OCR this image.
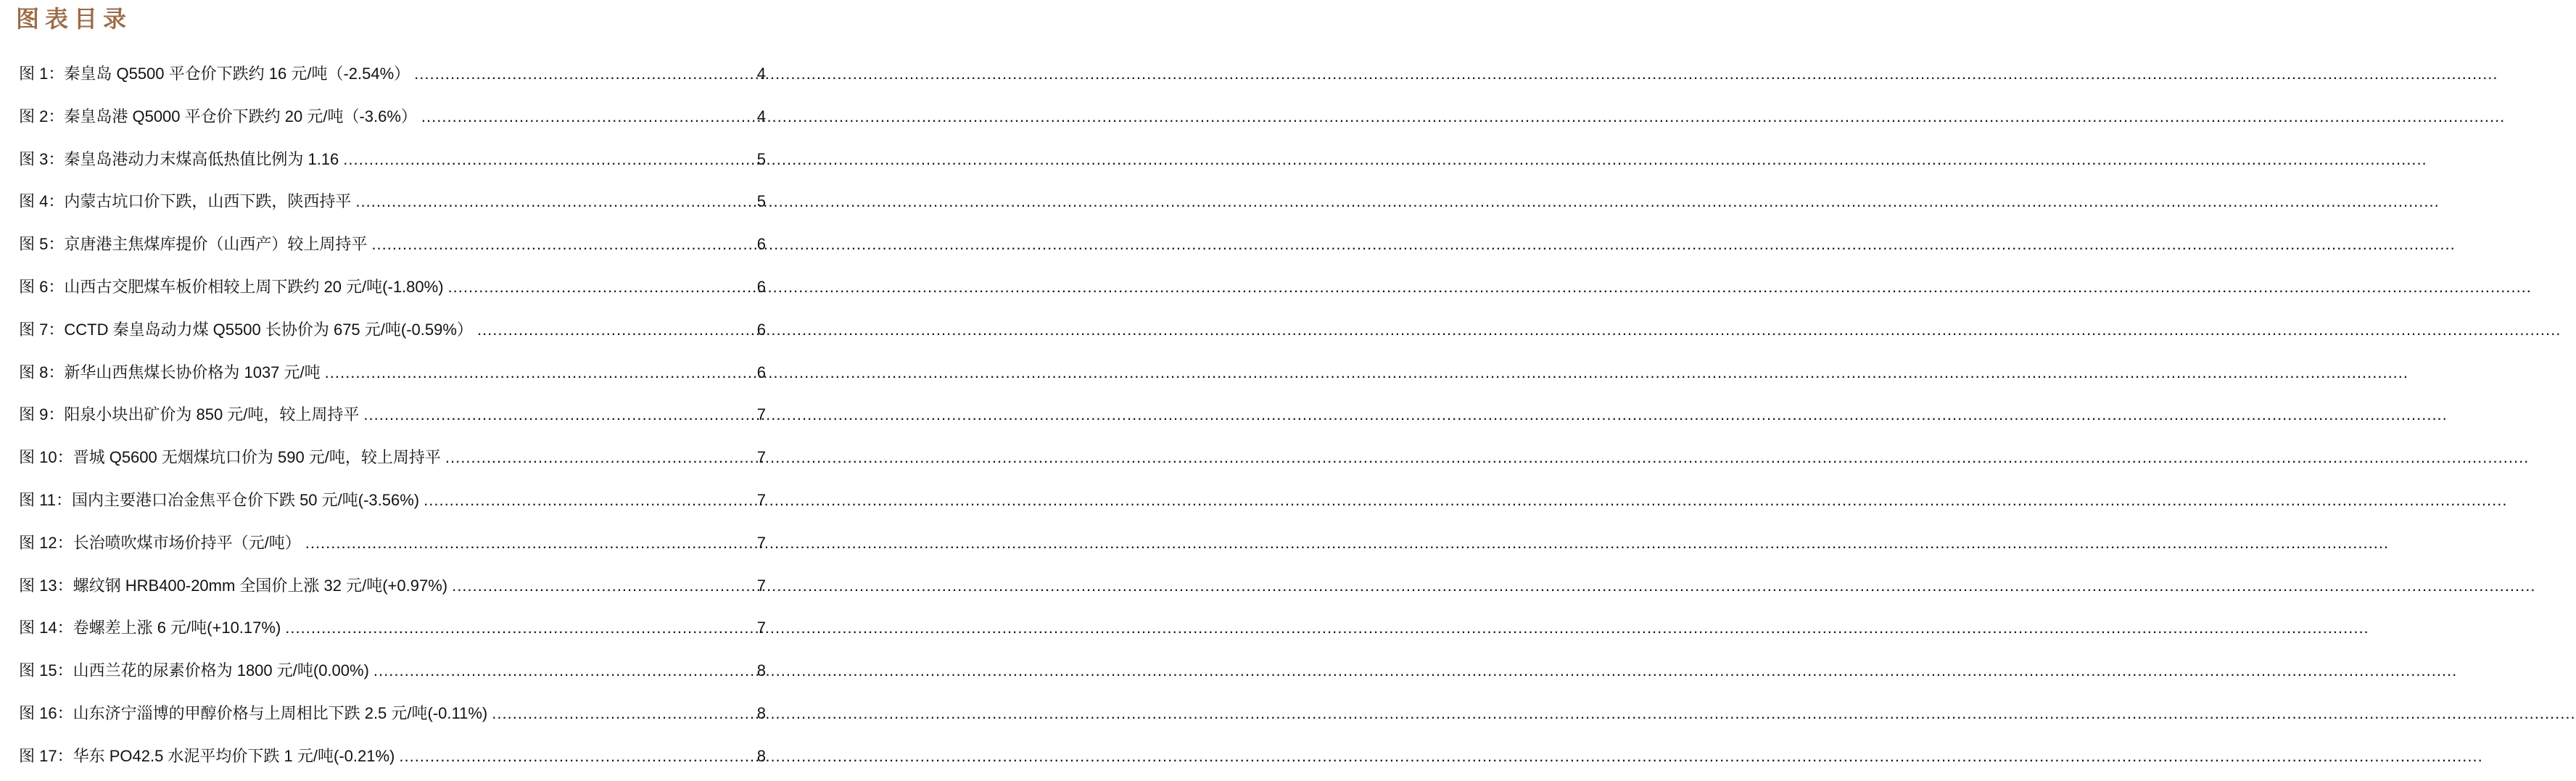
图表目录
图 1： 秦皇岛 Q5500 平仓价下跌约 16 元/吨（-2.54%） .....	4
图 2： 秦皇岛港 Q5000 平仓价下跌约 20 元/吨（-3.6%） .....	4
图 3： 秦皇岛港动力末煤高低热值比例为 1.16 .....	5
图 4： 内蒙古坑口价下跌，山西下跌，陕西持平 .....	5
图 5： 京唐港主焦煤库提价（山西产）较上周持平 .....	6
图 6： 山西古交肥煤车板价相较上周下跌约 20 元/吨(-1.80%) .....	6
图 7： CCTD 秦皇岛动力煤 Q5500 长协价为 675 元/吨(-0.59%） .....	6
图 8： 新华山西焦煤长协价格为 1037 元/吨 .....	6
图 9： 阳泉小块出矿价为 850 元/吨，较上周持平 .....	7
图 10： 晋城 Q5600 无烟煤坑口价为 590 元/吨，较上周持平 .....	7
图 11： 国内主要港口冶金焦平仓价下跌 50 元/吨(-3.56%) .....	7
图 12： 长治喷吹煤市场价持平（元/吨） .....	7
图 13： 螺纹钢 HRB400-20mm 全国价上涨 32 元/吨(+0.97%) .....	7
图 14： 卷螺差上涨 6 元/吨(+10.17%) .....	7
图 15： 山西兰花的尿素价格为 1800 元/吨(0.00%) .....	8
图 16： 山东济宁淄博的甲醇价格与上周相比下跌 2.5 元/吨(-0.11%) .....	8
图 17： 华东 PO42.5 水泥平均价下跌 1 元/吨(-0.21%) .....	8
